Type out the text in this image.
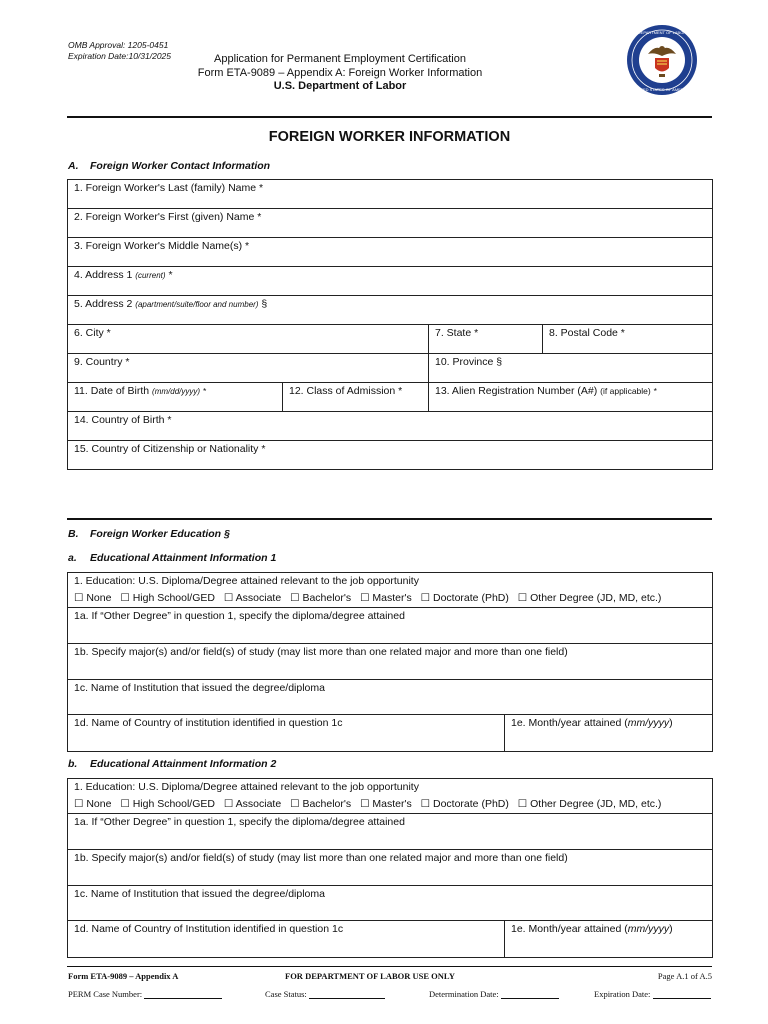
OMB Approval: 1205-0451
Expiration Date:10/31/2025	Application for Permanent Employment Certification
Form ETA-9089 – Appendix A: Foreign Worker Information
U.S. Department of Labor
DEPARTMENT OF LABOR
UNITED STATES OF AMERICA
FOREIGN WORKER INFORMATION
A. Foreign Worker Contact Information
1. Foreign Worker's Last (family) Name *			
2. Foreign Worker's First (given) Name *			
3. Foreign Worker's Middle Name(s) *			
4. Address 1 (current) *			
5. Address 2 (apartment/suite/floor and number) §			
6. City *		7. State *	8. Postal Code *
9. Country *		10. Province §	
11. Date of Birth (mm/dd/yyyy) *	12. Class of Admission *	13. Alien Registration Number (A#) (if applicable) *	
14. Country of Birth *			
15. Country of Citizenship or Nationality *			
B. Foreign Worker Education §
a. Educational Attainment Information 1
1. Education: U.S. Diploma/Degree attained relevant to the job opportunity
☐ None ☐ High School/GED ☐ Associate ☐ Bachelor's ☐ Master's ☐ Doctorate (PhD) ☐ Other Degree (JD, MD, etc.)

1a. If “Other Degree” in question 1, specify the diploma/degree attained
1b. Specify major(s) and/or field(s) of study (may list more than one related major and more than one field)
1c. Name of Institution that issued the degree/diploma
1d. Name of Country of institution identified in question 1c	1e. Month/year attained (mm/yyyy)
b. Educational Attainment Information 2
1. Education: U.S. Diploma/Degree attained relevant to the job opportunity
☐ None ☐ High School/GED ☐ Associate ☐ Bachelor's ☐ Master's ☐ Doctorate (PhD) ☐ Other Degree (JD, MD, etc.)

1a. If “Other Degree” in question 1, specify the diploma/degree attained
1b. Specify major(s) and/or field(s) of study (may list more than one related major and more than one field)
1c. Name of Institution that issued the degree/diploma
1d. Name of Country of Institution identified in question 1c	1e. Month/year attained (mm/yyyy)
Form ETA-9089 – Appendix A	FOR DEPARTMENT OF LABOR USE ONLY	Page A.1 of A.5
PERM Case Number:	Case Status:	Determination Date:	Expiration Date:
